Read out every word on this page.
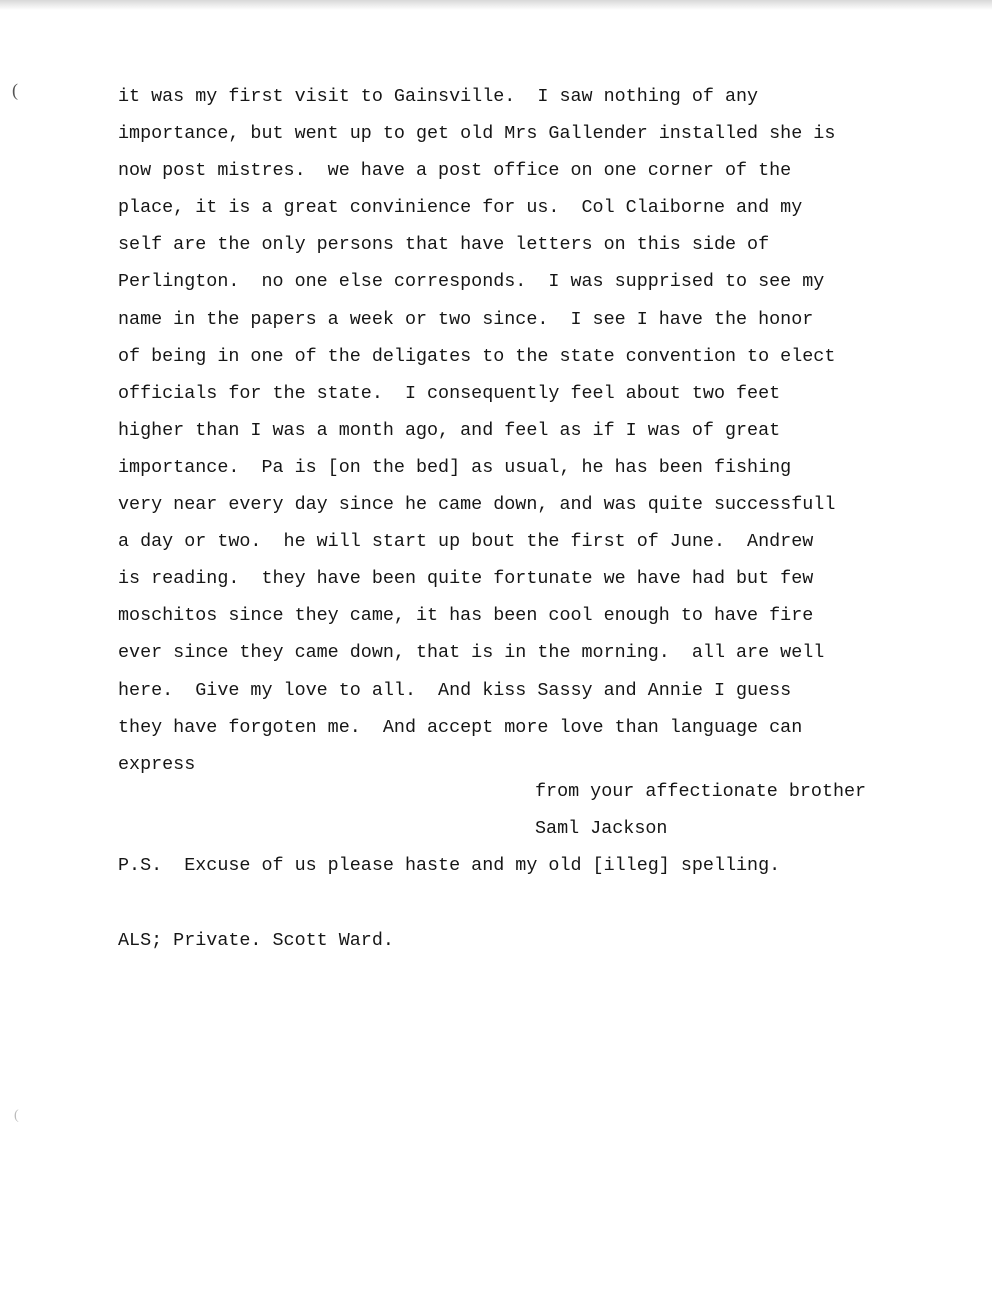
(
(
it was my first visit to Gainsville.  I saw nothing of any
importance, but went up to get old Mrs Gallender installed she is
now post mistres.  we have a post office on one corner of the
place, it is a great convinience for us.  Col Claiborne and my
self are the only persons that have letters on this side of
Perlington.  no one else corresponds.  I was supprised to see my
name in the papers a week or two since.  I see I have the honor
of being in one of the deligates to the state convention to elect
officials for the state.  I consequently feel about two feet
higher than I was a month ago, and feel as if I was of great
importance.  Pa is [on the bed] as usual, he has been fishing
very near every day since he came down, and was quite successfull
a day or two.  he will start up bout the first of June.  Andrew
is reading.  they have been quite fortunate we have had but few
moschitos since they came, it has been cool enough to have fire
ever since they came down, that is in the morning.  all are well
here.  Give my love to all.  And kiss Sassy and Annie I guess
they have forgoten me.  And accept more love than language can
express
from your affectionate brother
Saml Jackson
P.S.  Excuse of us please haste and my old [illeg] spelling.
ALS; Private. Scott Ward.
